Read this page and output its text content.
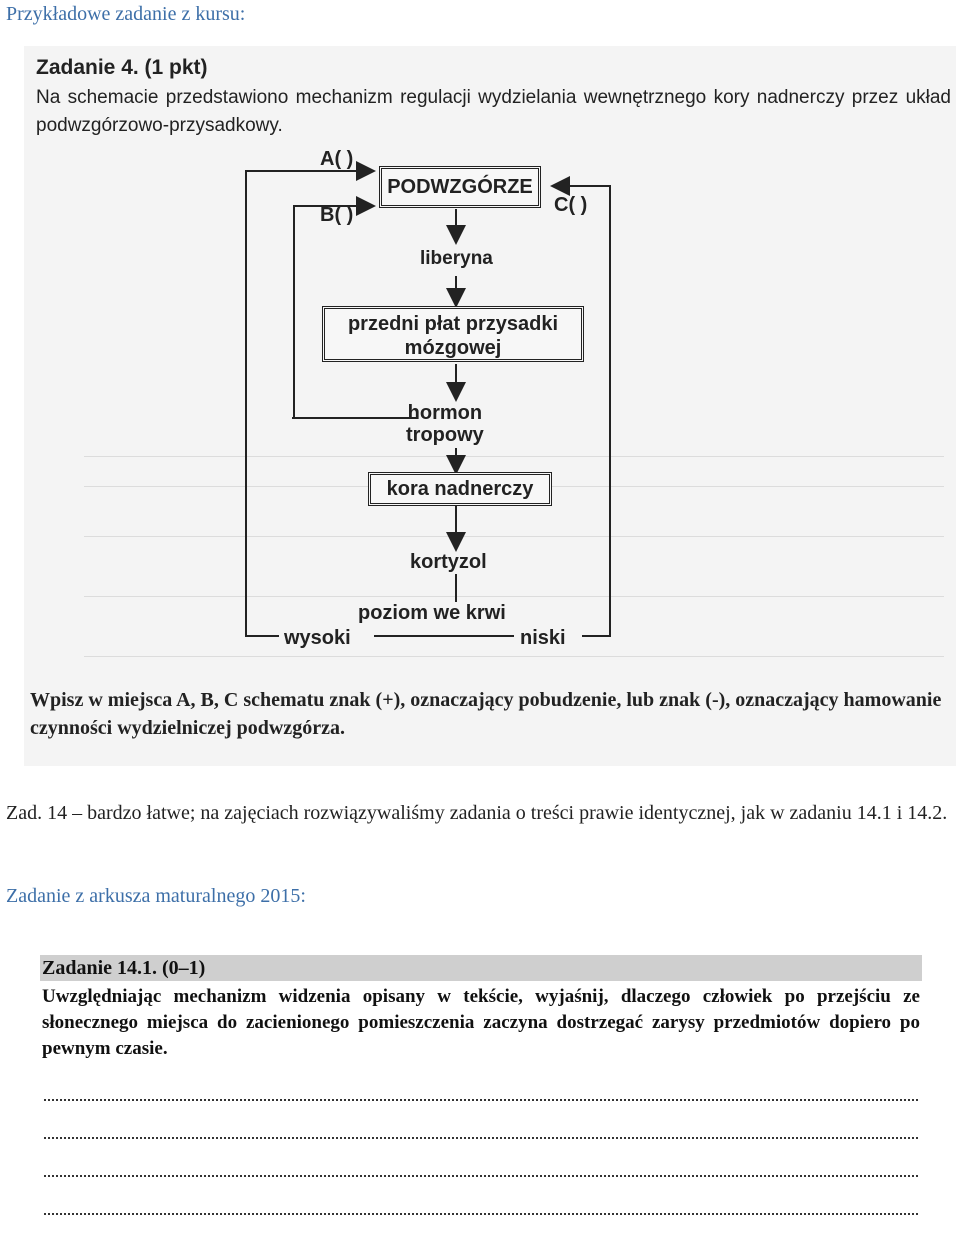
Przykładowe zadanie z kursu:
Zadanie 4. (1 pkt)
Na schemacie przedstawiono mechanizm regulacji wydzielania wewnętrznego kory nadnerczy przez układ podwzgórzowo-przysadkowy.
A( )
B( )	C( )
PODWZGÓRZE
liberyna
przedni płat przysadki
mózgowej
hormon
tropowy
kora nadnerczy
kortyzol
poziom we krwi
wysoki	niski
Wpisz w miejsca A, B, C schematu znak (+), oznaczający pobudzenie, lub znak (-), oznaczający hamowanie czynności wydzielniczej podwzgórza.
Zad. 14 – bardzo łatwe; na zajęciach rozwiązywaliśmy zadania o treści prawie identycznej, jak w zadaniu 14.1 i 14.2.
Zadanie z arkusza maturalnego 2015:
Zadanie 14.1. (0–1)
Uwzględniając mechanizm widzenia opisany w tekście, wyjaśnij, dlaczego człowiek po przejściu ze słonecznego miejsca do zacienionego pomieszczenia zaczyna dostrzegać zarysy przedmiotów dopiero po pewnym czasie.
